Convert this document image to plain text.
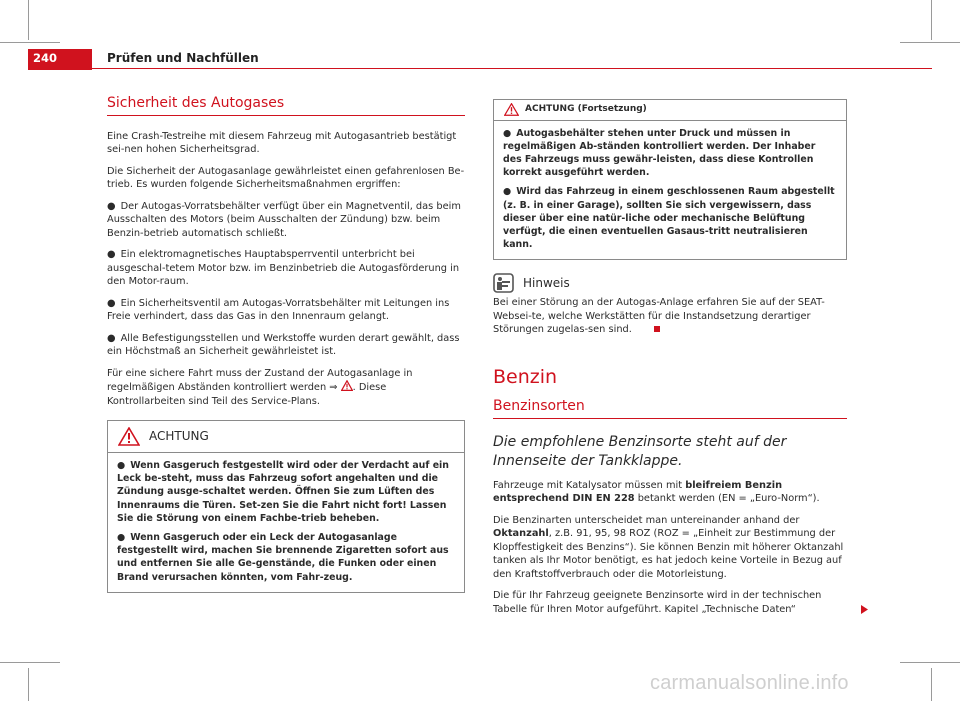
240	Prüfen und Nachfüllen
Sicherheit des Autogases

Eine Crash-Testreihe mit diesem Fahrzeug mit Autogasantrieb bestätigt sei-nen hohen Sicherheitsgrad.

Die Sicherheit der Autogasanlage gewährleistet einen gefahrenlosen Be-trieb. Es wurden folgende Sicherheitsmaßnahmen ergriffen:

● Der Autogas-Vorratsbehälter verfügt über ein Magnetventil, das beim Ausschalten des Motors (beim Ausschalten der Zündung) bzw. beim Benzin-betrieb automatisch schließt.

● Ein elektromagnetisches Hauptabsperrventil unterbricht bei ausgeschal-tetem Motor bzw. im Benzinbetrieb die Autogasförderung in den Motor-raum.

● Ein Sicherheitsventil am Autogas-Vorratsbehälter mit Leitungen ins Freie verhindert, dass das Gas in den Innenraum gelangt.

● Alle Befestigungsstellen und Werkstoffe wurden derart gewählt, dass ein Höchstmaß an Sicherheit gewährleistet ist.

Für eine sichere Fahrt muss der Zustand der Autogasanlage in regelmäßigen Abständen kontrolliert werden ⇒ . Diese Kontrollarbeiten sind Teil des Service-Plans.

ACHTUNG

● Wenn Gasgeruch festgestellt wird oder der Verdacht auf ein Leck be-steht, muss das Fahrzeug sofort angehalten und die Zündung ausge-schaltet werden. Öffnen Sie zum Lüften des Innenraums die Türen. Set-zen Sie die Fahrt nicht fort! Lassen Sie die Störung von einem Fachbe-trieb beheben.

● Wenn Gasgeruch oder ein Leck der Autogasanlage festgestellt wird, machen Sie brennende Zigaretten sofort aus und entfernen Sie alle Ge-genstände, die Funken oder einen Brand verursachen könnten, vom Fahr-zeug.

ACHTUNG (Fortsetzung)

● Autogasbehälter stehen unter Druck und müssen in regelmäßigen Ab-ständen kontrolliert werden. Der Inhaber des Fahrzeugs muss gewähr-leisten, dass diese Kontrollen korrekt ausgeführt werden.

● Wird das Fahrzeug in einem geschlossenen Raum abgestellt (z. B. in einer Garage), sollten Sie sich vergewissern, dass dieser über eine natür-liche oder mechanische Belüftung verfügt, die einen eventuellen Gasaus-tritt neutralisieren kann.

Hinweis

Bei einer Störung an der Autogas-Anlage erfahren Sie auf der SEAT-Websei-te, welche Werkstätten für die Instandsetzung derartiger Störungen zugelas-sen sind.

Benzin
Benzinsorten

Die empfohlene Benzinsorte steht auf der Innenseite der Tankklappe.

Fahrzeuge mit Katalysator müssen mit bleifreiem Benzin entsprechend DIN EN 228 betankt werden (EN = „Euro-Norm“).

Die Benzinarten unterscheidet man untereinander anhand der Oktanzahl, z.B. 91, 95, 98 ROZ (ROZ = „Einheit zur Bestimmung der Klopffestigkeit des Benzins“). Sie können Benzin mit höherer Oktanzahl tanken als Ihr Motor benötigt, es hat jedoch keine Vorteile in Bezug auf den Kraftstoffverbrauch oder die Motorleistung.

Die für Ihr Fahrzeug geeignete Benzinsorte wird in der technischen Tabelle für Ihren Motor aufgeführt. Kapitel „Technische Daten“

carmanualsonline.info
